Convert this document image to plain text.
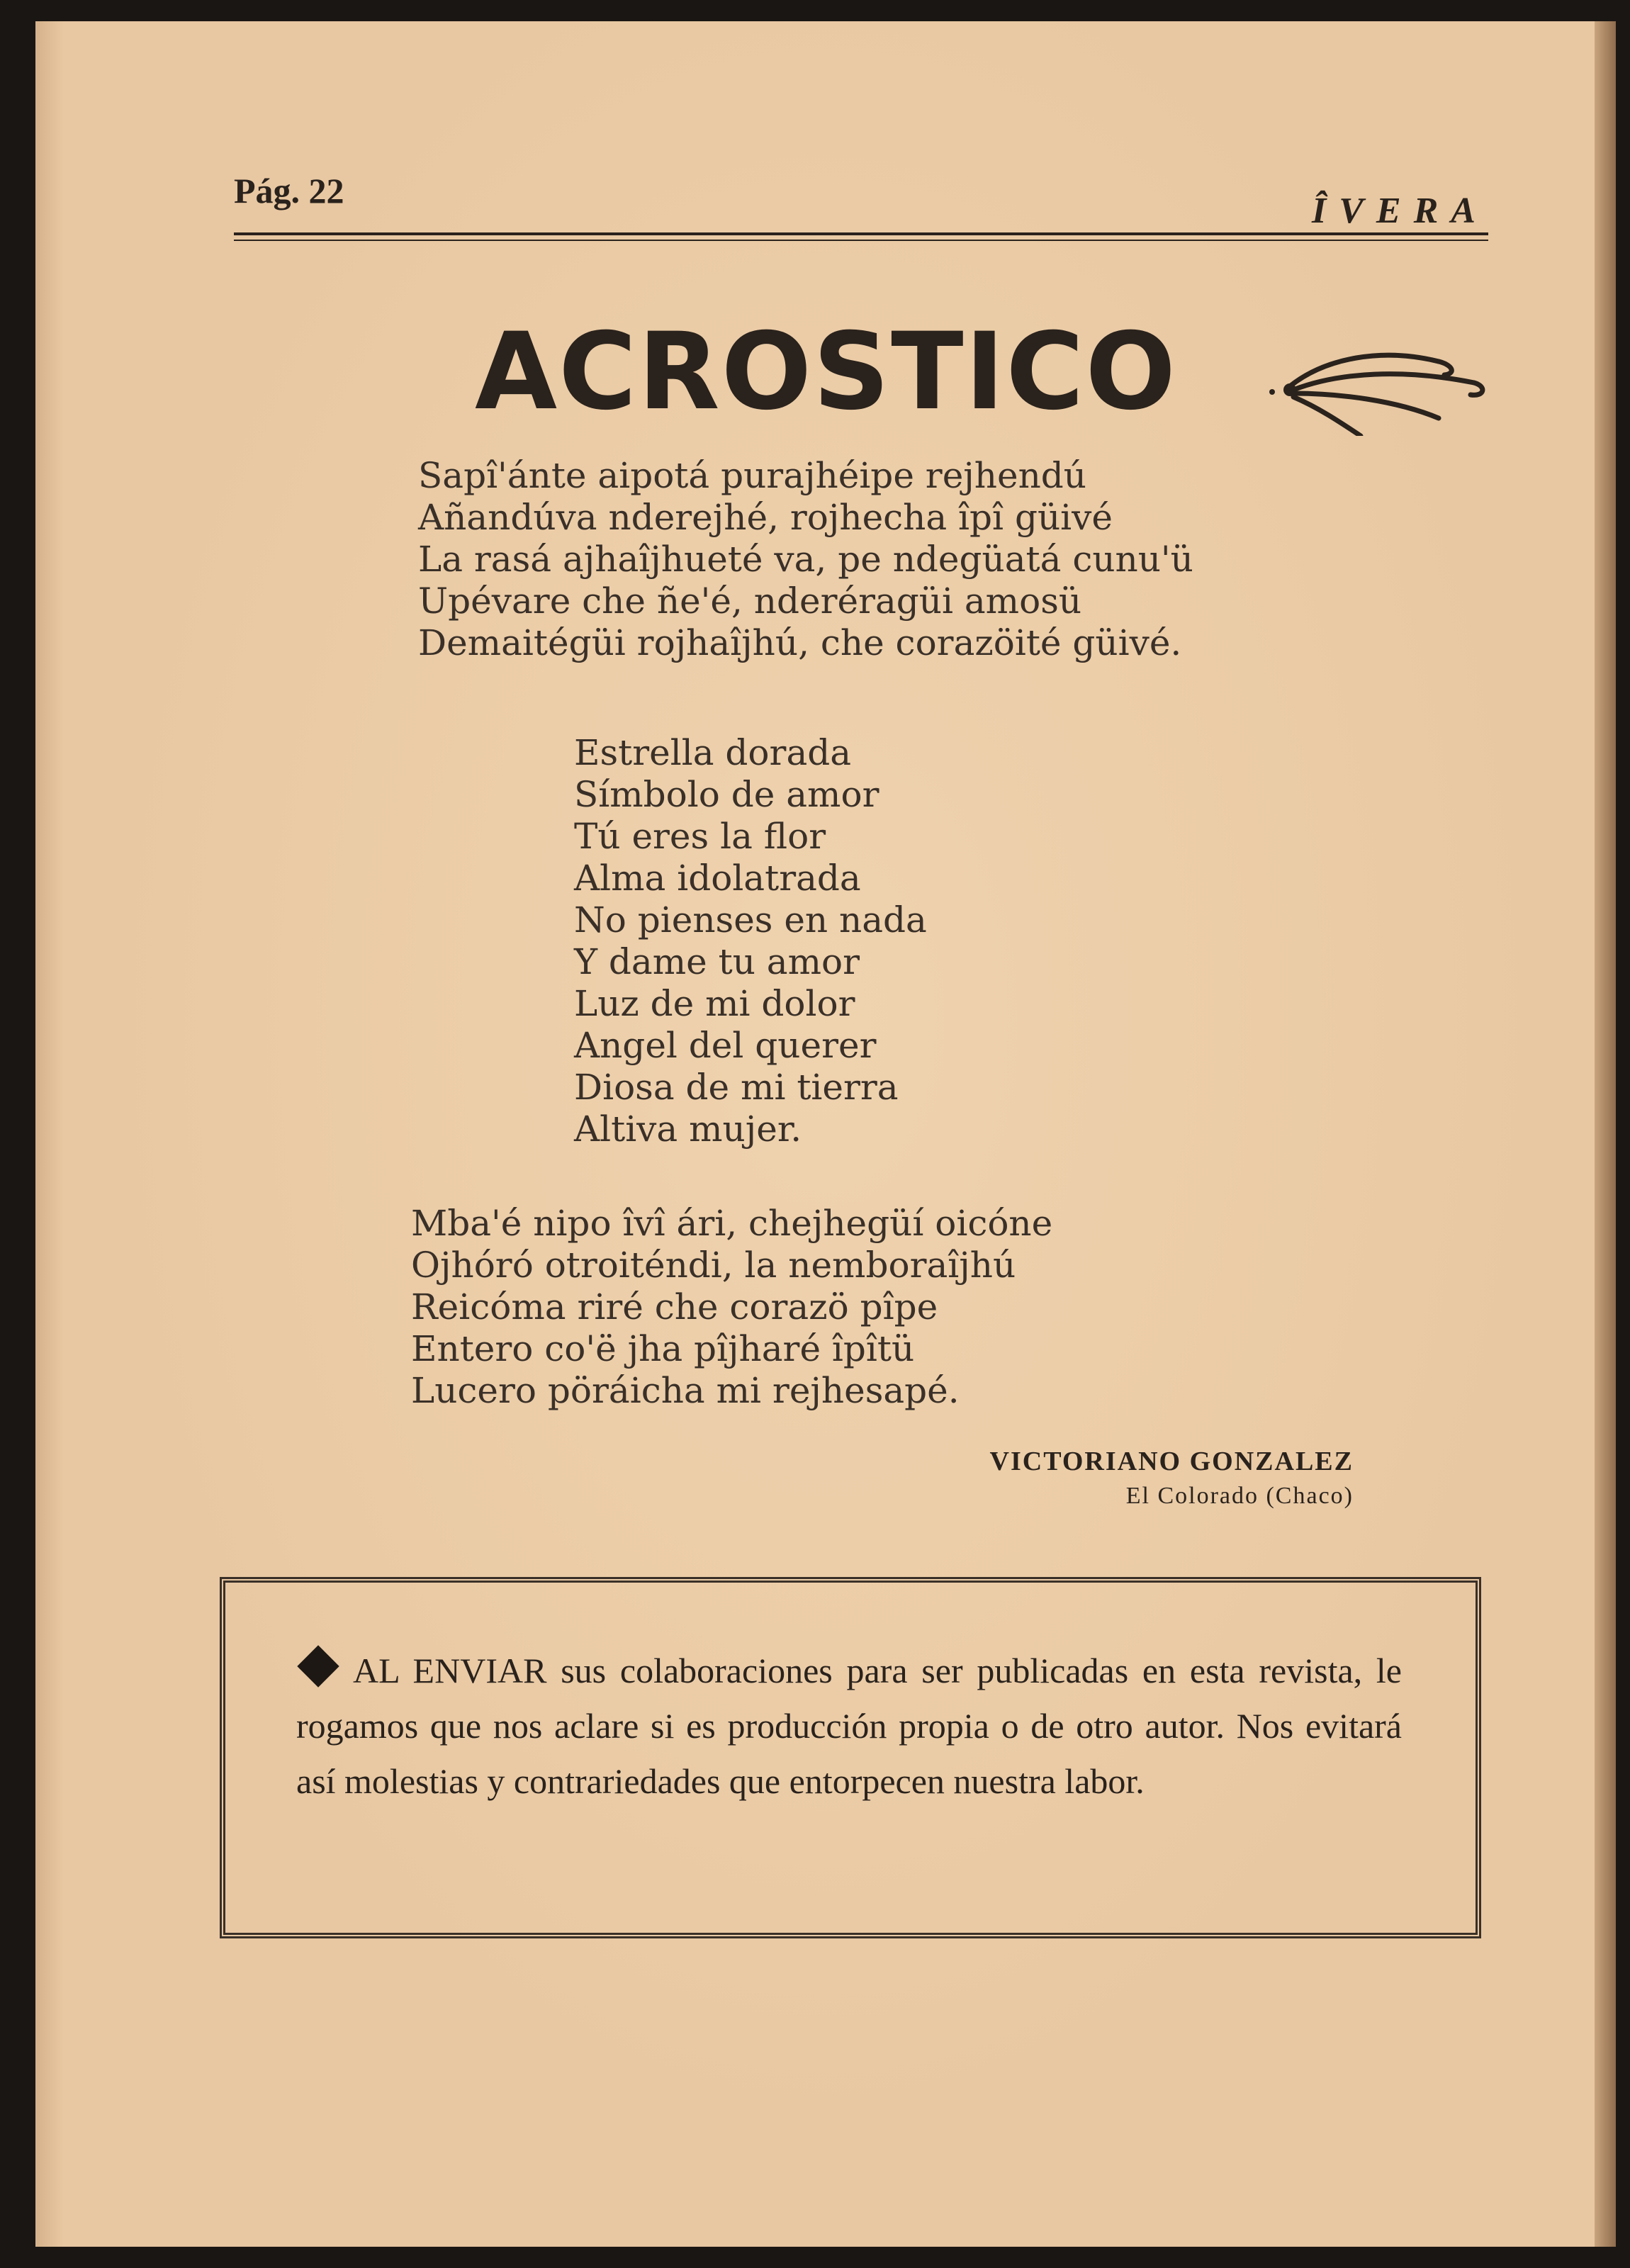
Pág. 22	ÎVERA
ACROSTICO
Sapî'ánte aipotá purajhéipe rejhendú
Añandúva nderejhé, rojhecha îpî güivé
La rasá ajhaîjhueté va, pe ndegüatá cunu'ü
Upévare che ñe'é, nderéragüi amosü
Demaitégüi rojhaîjhú, che corazöité güivé.
Estrella dorada
Símbolo de amor
Tú eres la flor
Alma idolatrada
No pienses en nada
Y dame tu amor
Luz de mi dolor
Angel del querer
Diosa de mi tierra
Altiva mujer.
Mba'é nipo îvî ári, chejhegüí oicóne
Ojhóró otroiténdi, la nemboraîjhú
Reicóma riré che corazö pîpe
Entero co'ë jha pîjharé îpîtü
Lucero pöráicha mi rejhesapé.
VICTORIANO GONZALEZ
El Colorado (Chaco)
AL ENVIAR sus colaboraciones para ser publicadas en esta revista, le rogamos que nos aclare si es producción propia o de otro autor. Nos evitará así molestias y contrariedades que entorpecen nuestra labor.
